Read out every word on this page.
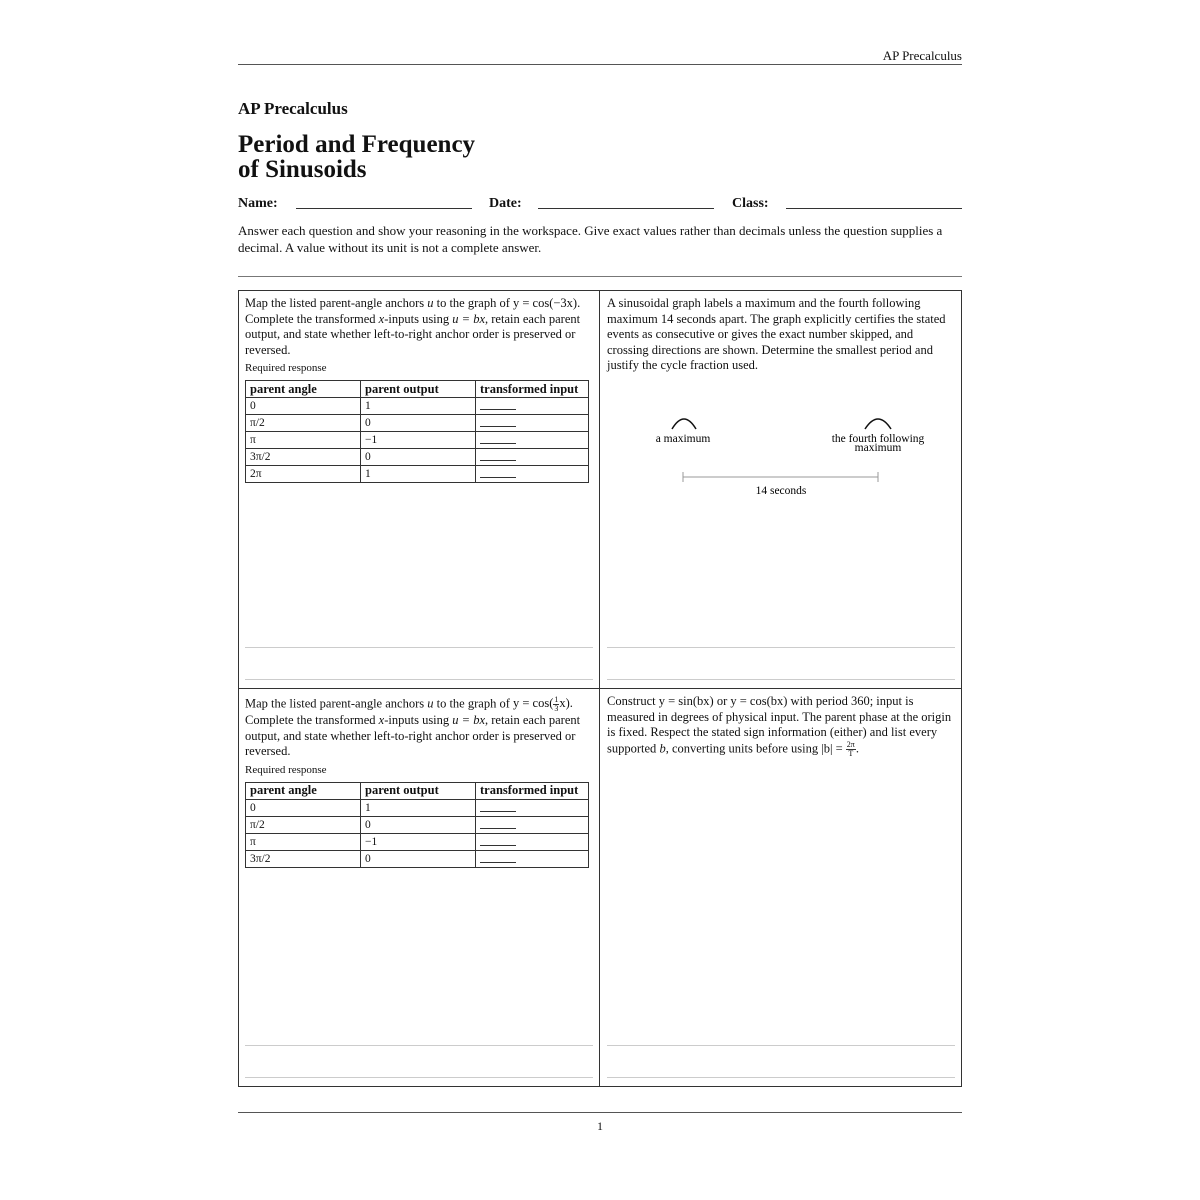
AP Precalculus
AP Precalculus
Period and Frequency
of Sinusoids
Name:	Date:	Class:
Answer each question and show your reasoning in the workspace. Give exact values rather than decimals unless the question supplies a decimal. A value without its unit is not a complete answer.
Map the listed parent-angle anchors u to the graph of y = cos(−3x). Complete the transformed x-inputs using u = bx, retain each parent output, and state whether left-to-right anchor order is preserved or reversed.
Required response
parent angle	parent output	transformed input
0	1	
π/2	0	
π	−1	
3π/2	0	
2π	1	
A sinusoidal graph labels a maximum and the fourth following maximum 14 seconds apart. The graph explicitly certifies the stated events as consecutive or gives the exact number skipped, and crossing directions are shown. Determine the smallest period and justify the cycle fraction used.
a maximum	the fourth following
maximum
14 seconds
Map the listed parent-angle anchors u to the graph of $y = \cos( \frac{1}{3} x)$. Complete the transformed x-inputs using u = bx, retain each parent output, and state whether left-to-right anchor order is preserved or reversed.
Required response
parent angle	parent output	transformed input
0	1	
π/2	0	
π	−1	
3π/2	0	
Construct y = sin(bx) or y = cos(bx) with period 360; input is measured in degrees of physical input. The parent phase at the origin is fixed. Respect the stated sign information (either) and list every supported b, converting units before using $|b| = \frac{2\pi}{T}$ .
1
